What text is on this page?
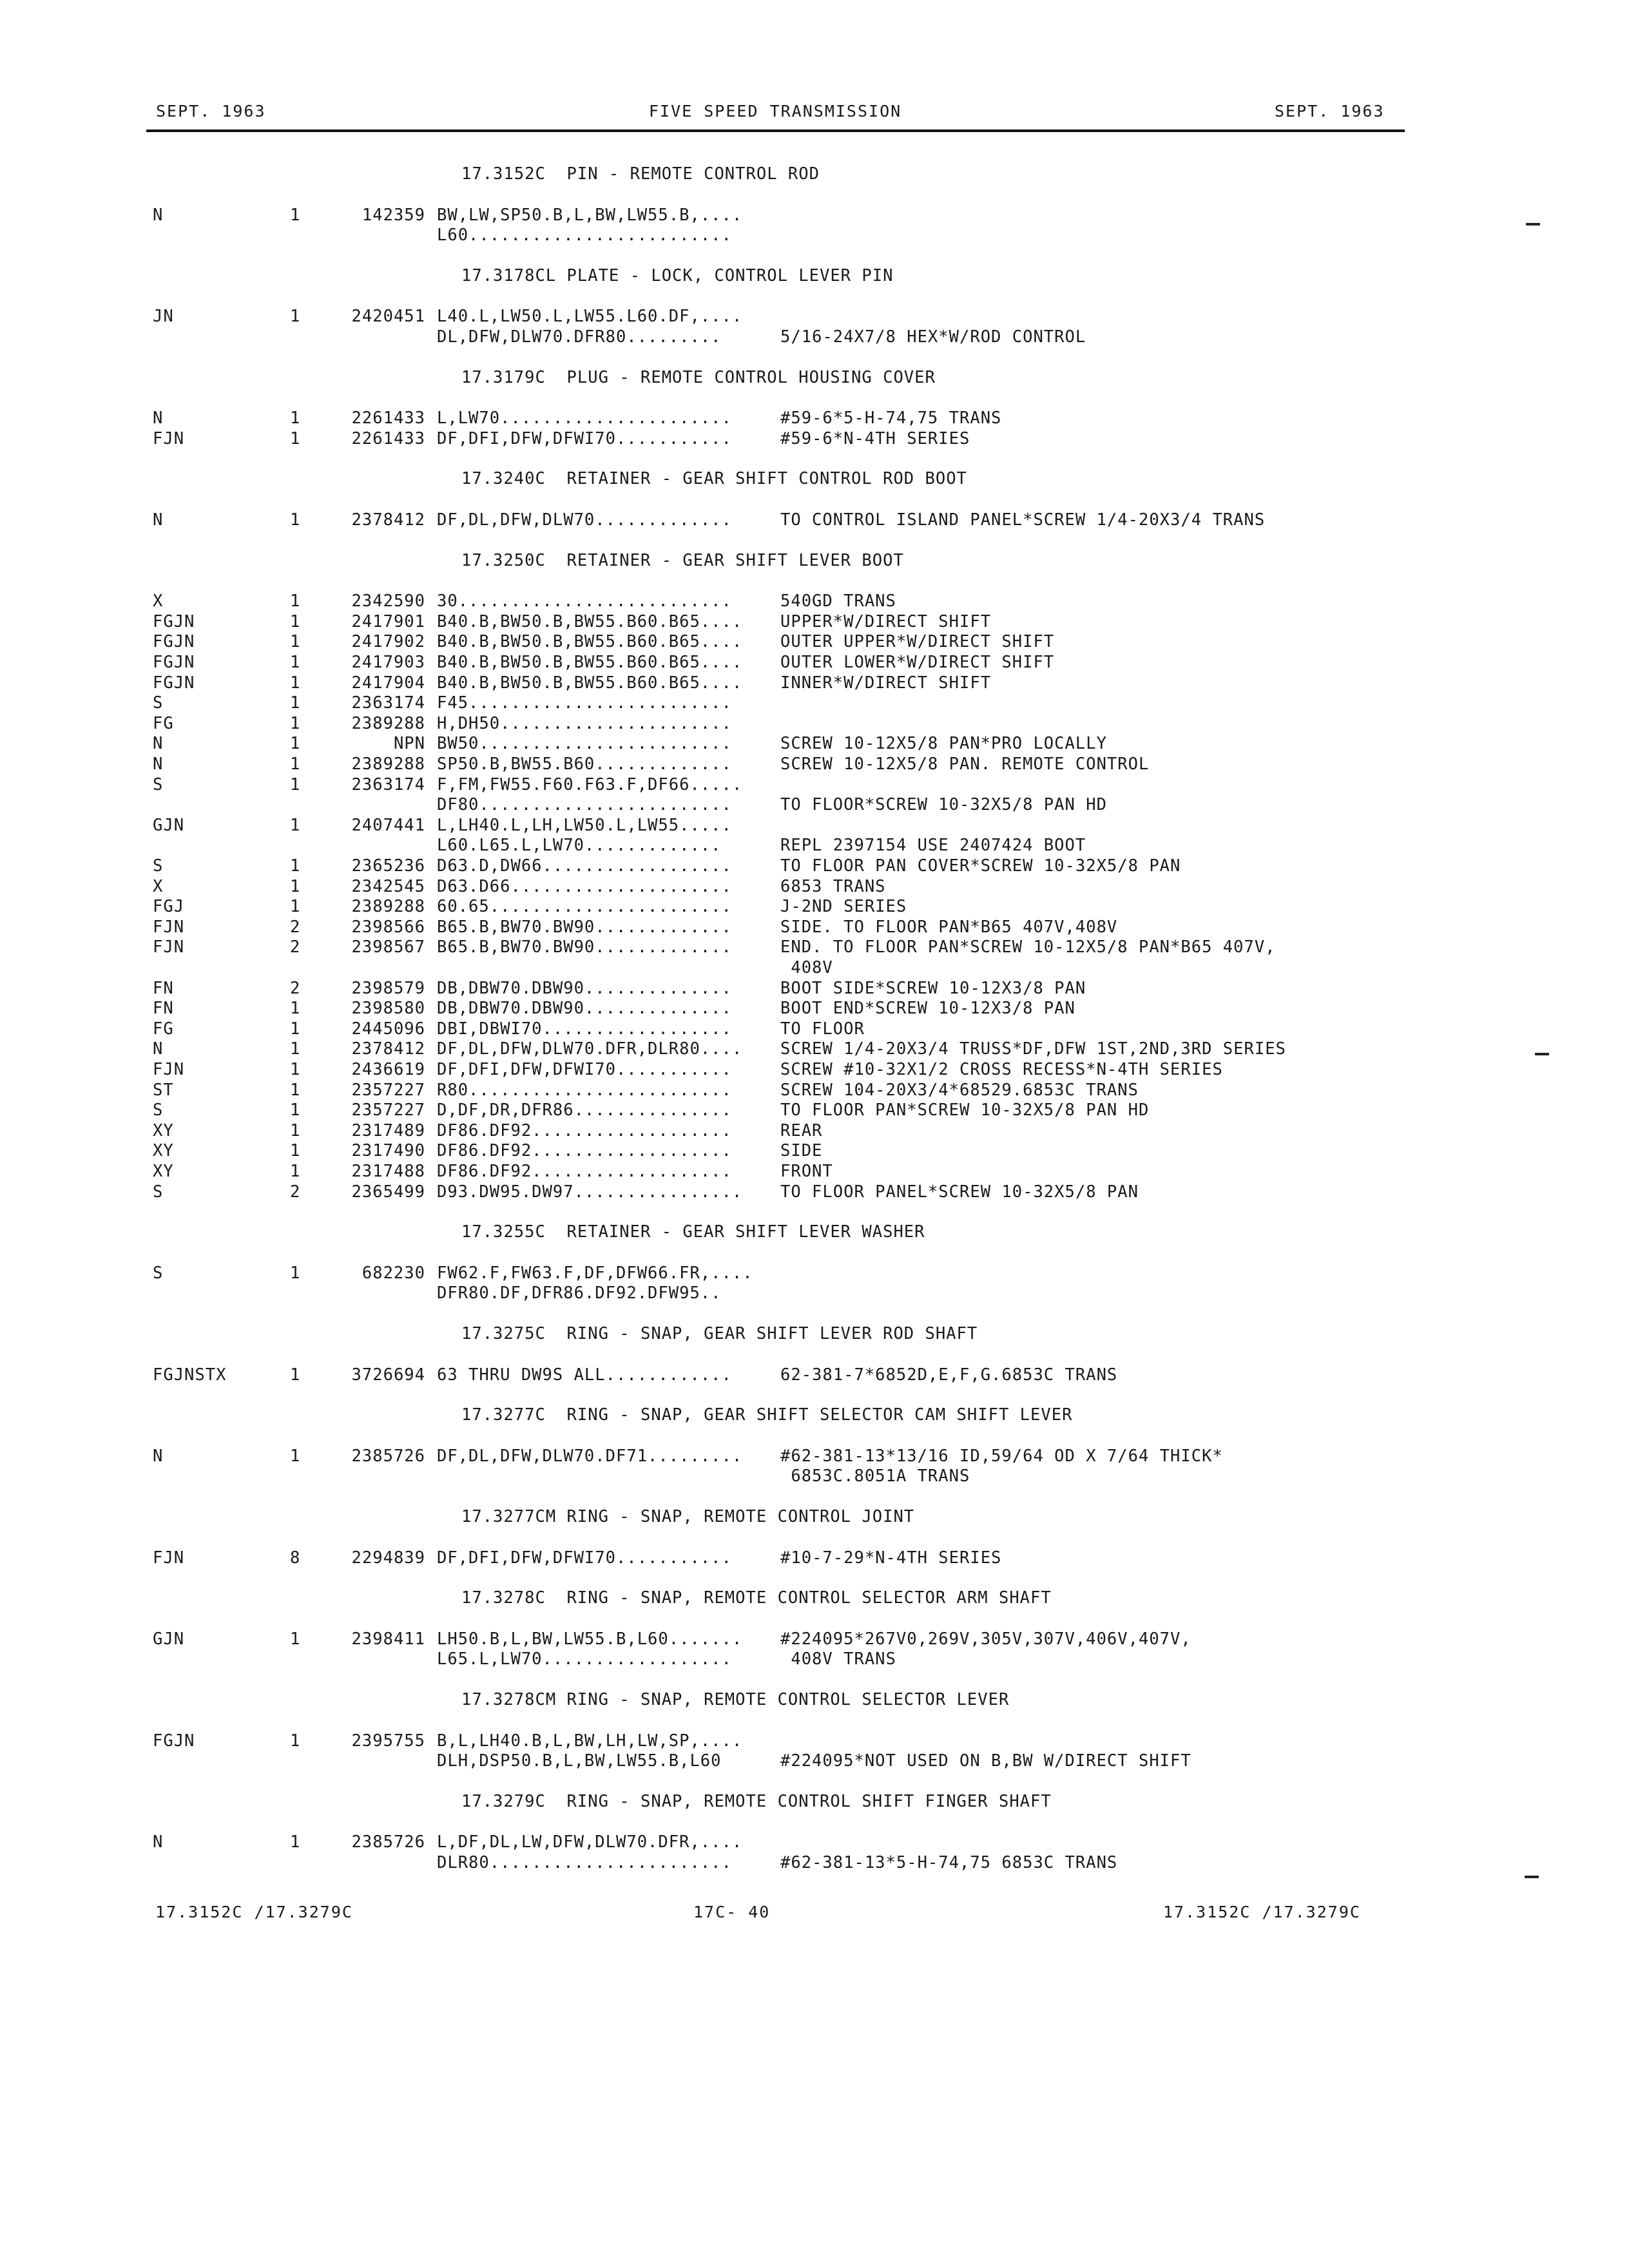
SEPT. 1963	FIVE SPEED TRANSMISSION	SEPT. 1963
17.3152C  PIN - REMOTE CONTROL ROD
N	1	142359 BW,LW,SP50.B,L,BW,LW55.B,....
L60.........................
17.3178CL PLATE - LOCK, CONTROL LEVER PIN
JN	1	2420451 L40.L,LW50.L,LW55.L60.DF,....
DL,DFW,DLW70.DFR80.........	5/16-24X7/8 HEX*W/ROD CONTROL
17.3179C  PLUG - REMOTE CONTROL HOUSING COVER
N	1	2261433 L,LW70......................	#59-6*5-H-74,75 TRANS
FJN	1	2261433 DF,DFI,DFW,DFWI70...........	#59-6*N-4TH SERIES
17.3240C  RETAINER - GEAR SHIFT CONTROL ROD BOOT
N	1	2378412 DF,DL,DFW,DLW70.............	TO CONTROL ISLAND PANEL*SCREW 1/4-20X3/4 TRANS
17.3250C  RETAINER - GEAR SHIFT LEVER BOOT
X	1	2342590 30..........................	540GD TRANS
FGJN	1	2417901 B40.B,BW50.B,BW55.B60.B65.... UPPER*W/DIRECT SHIFT
FGJN	1	2417902 B40.B,BW50.B,BW55.B60.B65.... OUTER UPPER*W/DIRECT SHIFT
FGJN	1	2417903 B40.B,BW50.B,BW55.B60.B65.... OUTER LOWER*W/DIRECT SHIFT
FGJN	1	2417904 B40.B,BW50.B,BW55.B60.B65.... INNER*W/DIRECT SHIFT
S	1	2363174 F45.........................
FG	1	2389288 H,DH50......................
N	1	NPN BW50........................	SCREW 10-12X5/8 PAN*PRO LOCALLY
N	1	2389288 SP50.B,BW55.B60.............	SCREW 10-12X5/8 PAN. REMOTE CONTROL
S	1	2363174 F,FM,FW55.F60.F63.F,DF66.....
DF80........................	TO FLOOR*SCREW 10-32X5/8 PAN HD
GJN	1	2407441 L,LH40.L,LH,LW50.L,LW55.....
L60.L65.L,LW70.............	REPL 2397154 USE 2407424 BOOT
S	1	2365236 D63.D,DW66..................	TO FLOOR PAN COVER*SCREW 10-32X5/8 PAN
X	1	2342545 D63.D66.....................	6853 TRANS
FGJ	1	2389288 60.65.......................	J-2ND SERIES
FJN	2	2398566 B65.B,BW70.BW90.............	SIDE. TO FLOOR PAN*B65 407V,408V
FJN	2	2398567 B65.B,BW70.BW90.............	END. TO FLOOR PAN*SCREW 10-12X5/8 PAN*B65 407V,
408V
FN	2	2398579 DB,DBW70.DBW90..............	BOOT SIDE*SCREW 10-12X3/8 PAN
FN	1	2398580 DB,DBW70.DBW90..............	BOOT END*SCREW 10-12X3/8 PAN
FG	1	2445096 DBI,DBWI70..................	TO FLOOR
N	1	2378412 DF,DL,DFW,DLW70.DFR,DLR80.... SCREW 1/4-20X3/4 TRUSS*DF,DFW 1ST,2ND,3RD SERIES
FJN	1	2436619 DF,DFI,DFW,DFWI70...........	SCREW #10-32X1/2 CROSS RECESS*N-4TH SERIES
ST	1	2357227 R80.........................	SCREW 104-20X3/4*68529.6853C TRANS
S	1	2357227 D,DF,DR,DFR86...............	TO FLOOR PAN*SCREW 10-32X5/8 PAN HD
XY	1	2317489 DF86.DF92...................	REAR
XY	1	2317490 DF86.DF92...................	SIDE
XY	1	2317488 DF86.DF92...................	FRONT
S	2	2365499 D93.DW95.DW97................ TO FLOOR PANEL*SCREW 10-32X5/8 PAN
17.3255C  RETAINER - GEAR SHIFT LEVER WASHER
S	1	682230 FW62.F,FW63.F,DF,DFW66.FR,....
DFR80.DF,DFR86.DF92.DFW95..
17.3275C  RING - SNAP, GEAR SHIFT LEVER ROD SHAFT
FGJNSTX	1	3726694 63 THRU DW9S ALL............	62-381-7*6852D,E,F,G.6853C TRANS
17.3277C  RING - SNAP, GEAR SHIFT SELECTOR CAM SHIFT LEVER
N	1	2385726 DF,DL,DFW,DLW70.DF71......... #62-381-13*13/16 ID,59/64 OD X 7/64 THICK*
6853C.8051A TRANS
17.3277CM RING - SNAP, REMOTE CONTROL JOINT
FJN	8	2294839 DF,DFI,DFW,DFWI70...........	#10-7-29*N-4TH SERIES
17.3278C  RING - SNAP, REMOTE CONTROL SELECTOR ARM SHAFT
GJN	1	2398411 LH50.B,L,BW,LW55.B,L60....... #224095*267V0,269V,305V,307V,406V,407V,
L65.L,LW70..................	408V TRANS
17.3278CM RING - SNAP, REMOTE CONTROL SELECTOR LEVER
FGJN	1	2395755 B,L,LH40.B,L,BW,LH,LW,SP,....
DLH,DSP50.B,L,BW,LW55.B,L60	#224095*NOT USED ON B,BW W/DIRECT SHIFT
17.3279C  RING - SNAP, REMOTE CONTROL SHIFT FINGER SHAFT
N	1	2385726 L,DF,DL,LW,DFW,DLW70.DFR,....
DLR80.......................	#62-381-13*5-H-74,75 6853C TRANS
17.3152C /17.3279C	17C- 40	17.3152C /17.3279C
